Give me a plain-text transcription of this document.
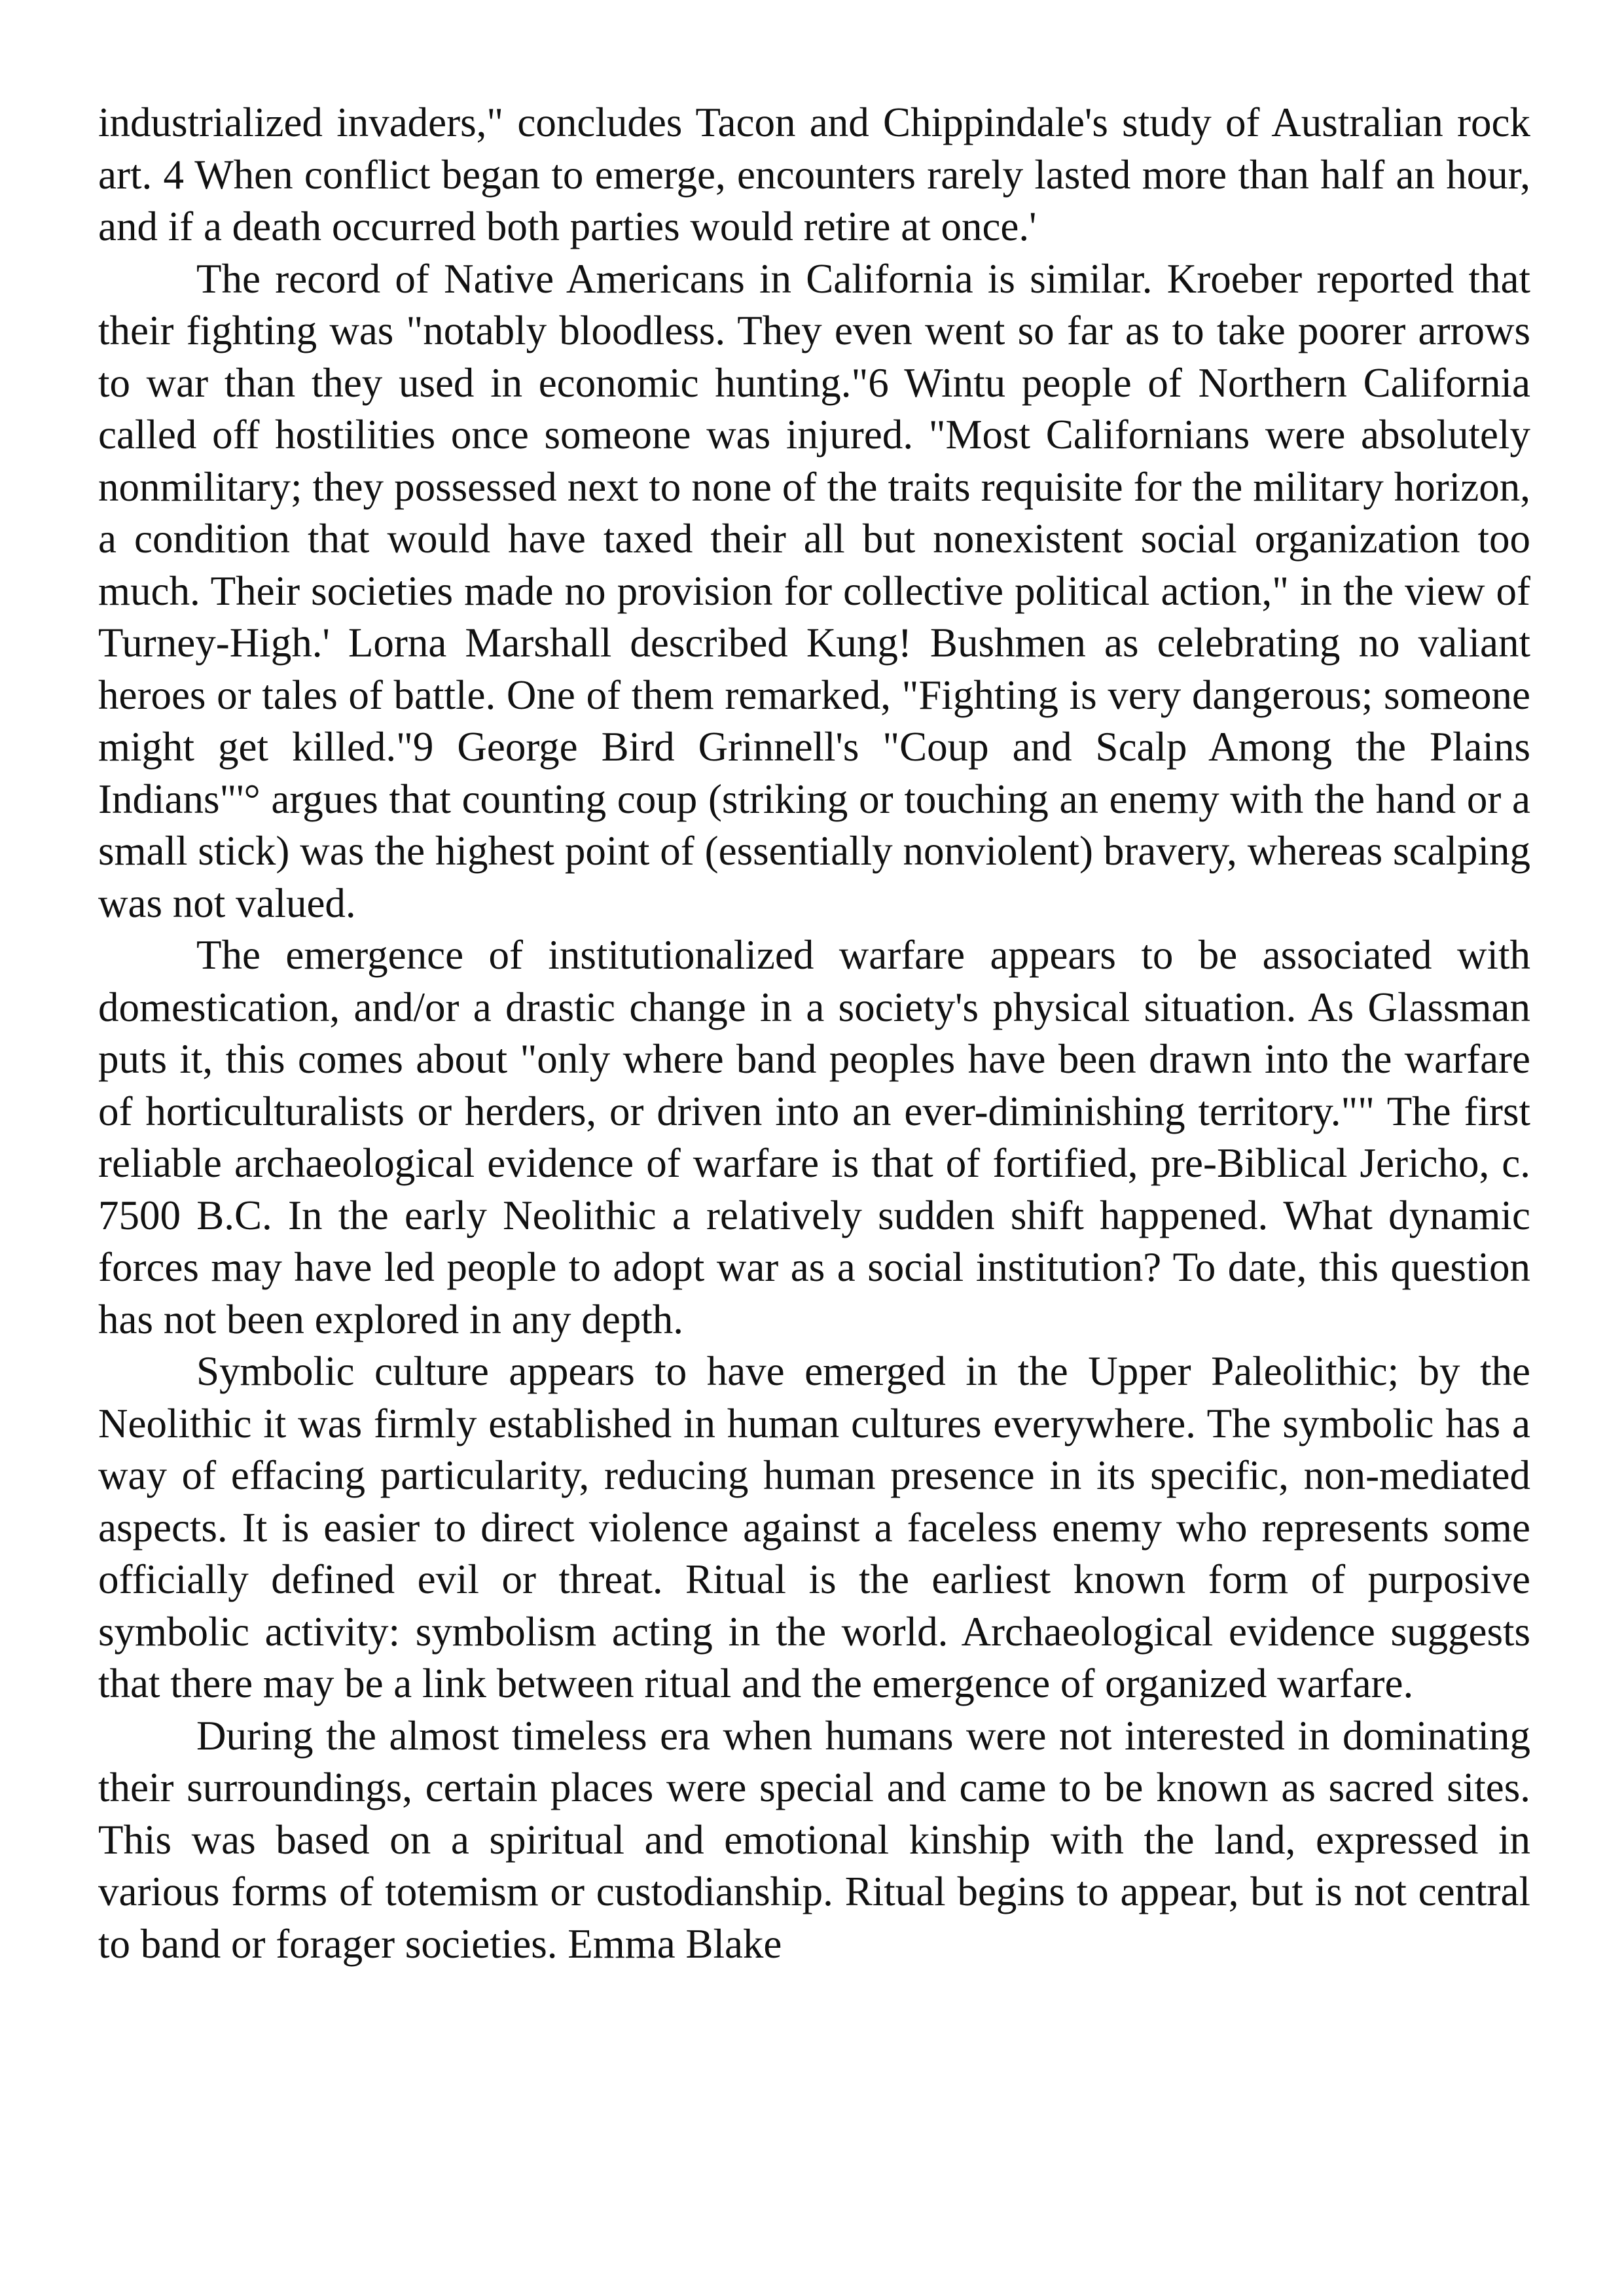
industrialized invaders," concludes Tacon and Chippindale's study of Australian rock art. 4 When conflict began to emerge, encounters rarely lasted more than half an hour, and if a death occurred both parties would retire at once.'

The record of Native Americans in California is similar. Kroeber reported that their fighting was "notably bloodless. They even went so far as to take poorer arrows to war than they used in economic hunting."6 Wintu people of Northern California called off hostilities once someone was injured. "Most Californians were absolutely nonmilitary; they possessed next to none of the traits requisite for the military horizon, a condition that would have taxed their all but nonexistent social organization too much. Their societies made no provision for collective political action," in the view of Turney-High.' Lorna Marshall described Kung! Bushmen as celebrating no valiant heroes or tales of battle. One of them remarked, "Fighting is very dangerous; someone might get killed."9 George Bird Grinnell's "Coup and Scalp Among the Plains Indians"'° argues that counting coup (striking or touching an enemy with the hand or a small stick) was the highest point of (essentially nonviolent) bravery, whereas scalping was not valued.

The emergence of institutionalized warfare appears to be associated with domestication, and/or a drastic change in a society's physical situation. As Glassman puts it, this comes about "only where band peoples have been drawn into the warfare of horticulturalists or herders, or driven into an ever-diminishing territory."" The first reliable archaeological evidence of warfare is that of fortified, pre-Biblical Jericho, c. 7500 B.C. In the early Neolithic a relatively sudden shift happened. What dynamic forces may have led people to adopt war as a social institution? To date, this question has not been explored in any depth.

Symbolic culture appears to have emerged in the Upper Paleolithic; by the Neolithic it was firmly established in human cultures everywhere. The symbolic has a way of effacing particularity, reducing human presence in its specific, non-mediated aspects. It is easier to direct violence against a faceless enemy who represents some officially defined evil or threat. Ritual is the earliest known form of purposive symbolic activity: symbolism acting in the world. Archaeological evidence suggests that there may be a link between ritual and the emergence of organized warfare.

During the almost timeless era when humans were not interested in dominating their surroundings, certain places were special and came to be known as sacred sites. This was based on a spiritual and emotional kinship with the land, expressed in various forms of totemism or custodianship. Ritual begins to appear, but is not central to band or forager societies. Emma Blake
